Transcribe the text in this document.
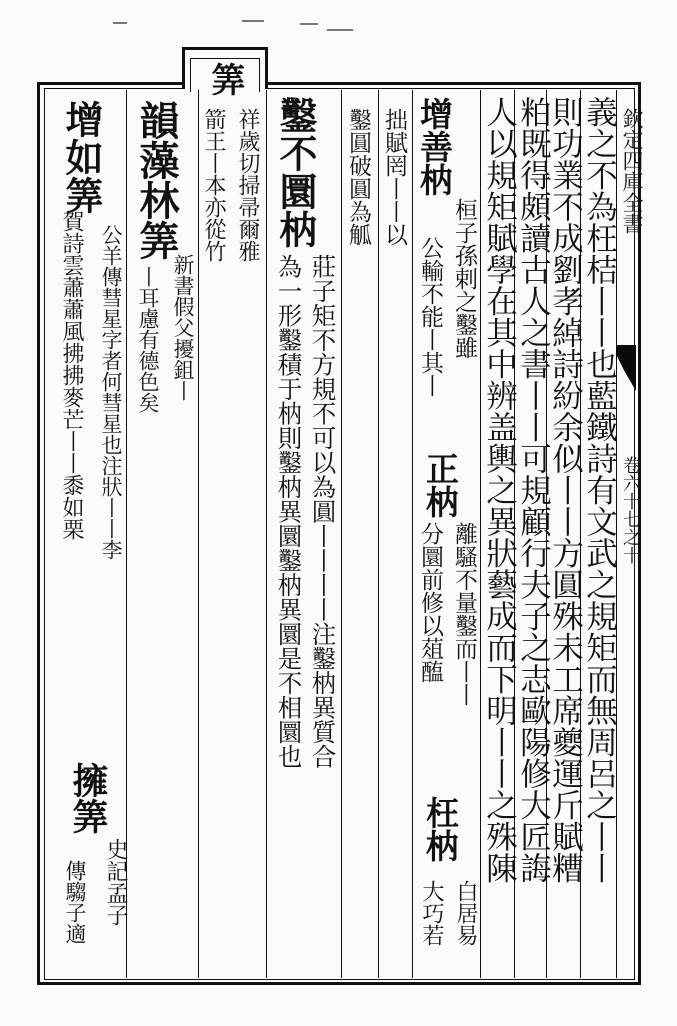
筭
欽定四庫全書
卷六十七之十
義之不為枉桔丨丨也藍鐵詩有文武之規矩而無周呂之丨丨
則功業不成劉孝綽詩紛余似丨丨方圓殊未工席夔運斤賦糟
粕既得頗讀古人之書丨丨可規顧行夫子之志歐陽修大匠誨
人以規矩賦學在其中辨盖輿之異狀藝成而下明丨丨之殊陳
增善枘
桓子孫剌之鑿雖
公輸不能丨其丨
正枘
離騷不量鑿而丨丨
分圜前修以葅醢
枉枘
白居易
大巧若
拙賦罔丨丨以
鑿圓破圓為觚
鑿不圜枘
莊子矩不方規不可以為圓丨丨丨丨注鑿枘異質合
為一形鑿積于枘則鑿枘異圜鑿枘異圜是不相圜也
祥歲切掃帚爾雅
箭王丨本亦從竹
韻藻林筭
新書假父擾鉏丨
丨耳慮有德色矣
增如筭
公羊傳彗星字者何彗星也注狀丨丨李
擁筭
史記孟子
賀詩雲蕭蕭風拂拂麥芒丨丨黍如栗
傳騶子適
